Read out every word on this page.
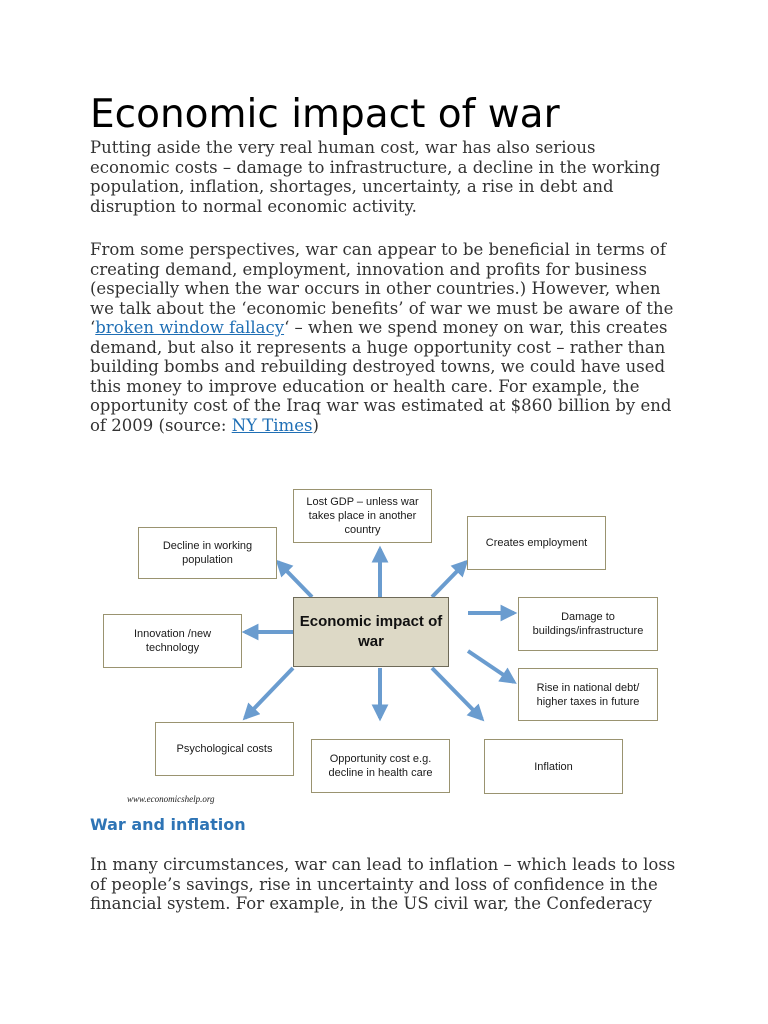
Economic impact of war

Putting aside the very real human cost, war has also serious economic costs – damage to infrastructure, a decline in the working population, inflation, shortages, uncertainty, a rise in debt and disruption to normal economic activity.

From some perspectives, war can appear to be beneficial in terms of creating demand, employment, innovation and profits for business (especially when the war occurs in other countries.) However, when we talk about the ‘economic benefits’ of war we must be aware of the ‘broken window fallacy‘ – when we spend money on war, this creates demand, but also it represents a huge opportunity cost – rather than building bombs and rebuilding destroyed towns, we could have used this money to improve education or health care. For example, the opportunity cost of the Iraq war was estimated at $860 billion by end of 2009 (source: NY Times)

War and inflation

In many circumstances, war can lead to inflation – which leads to loss of people’s savings, rise in uncertainty and loss of confidence in the financial system. For example, in the US civil war, the Confederacy

Economic impact of war
Lost GDP – unless war takes place in another country
Decline in working population
Creates employment
Innovation /new technology
Damage to buildings/infrastructure
Rise in national debt/ higher taxes in future
Psychological costs
Opportunity cost e.g. decline in health care
Inflation
www.economicshelp.org
